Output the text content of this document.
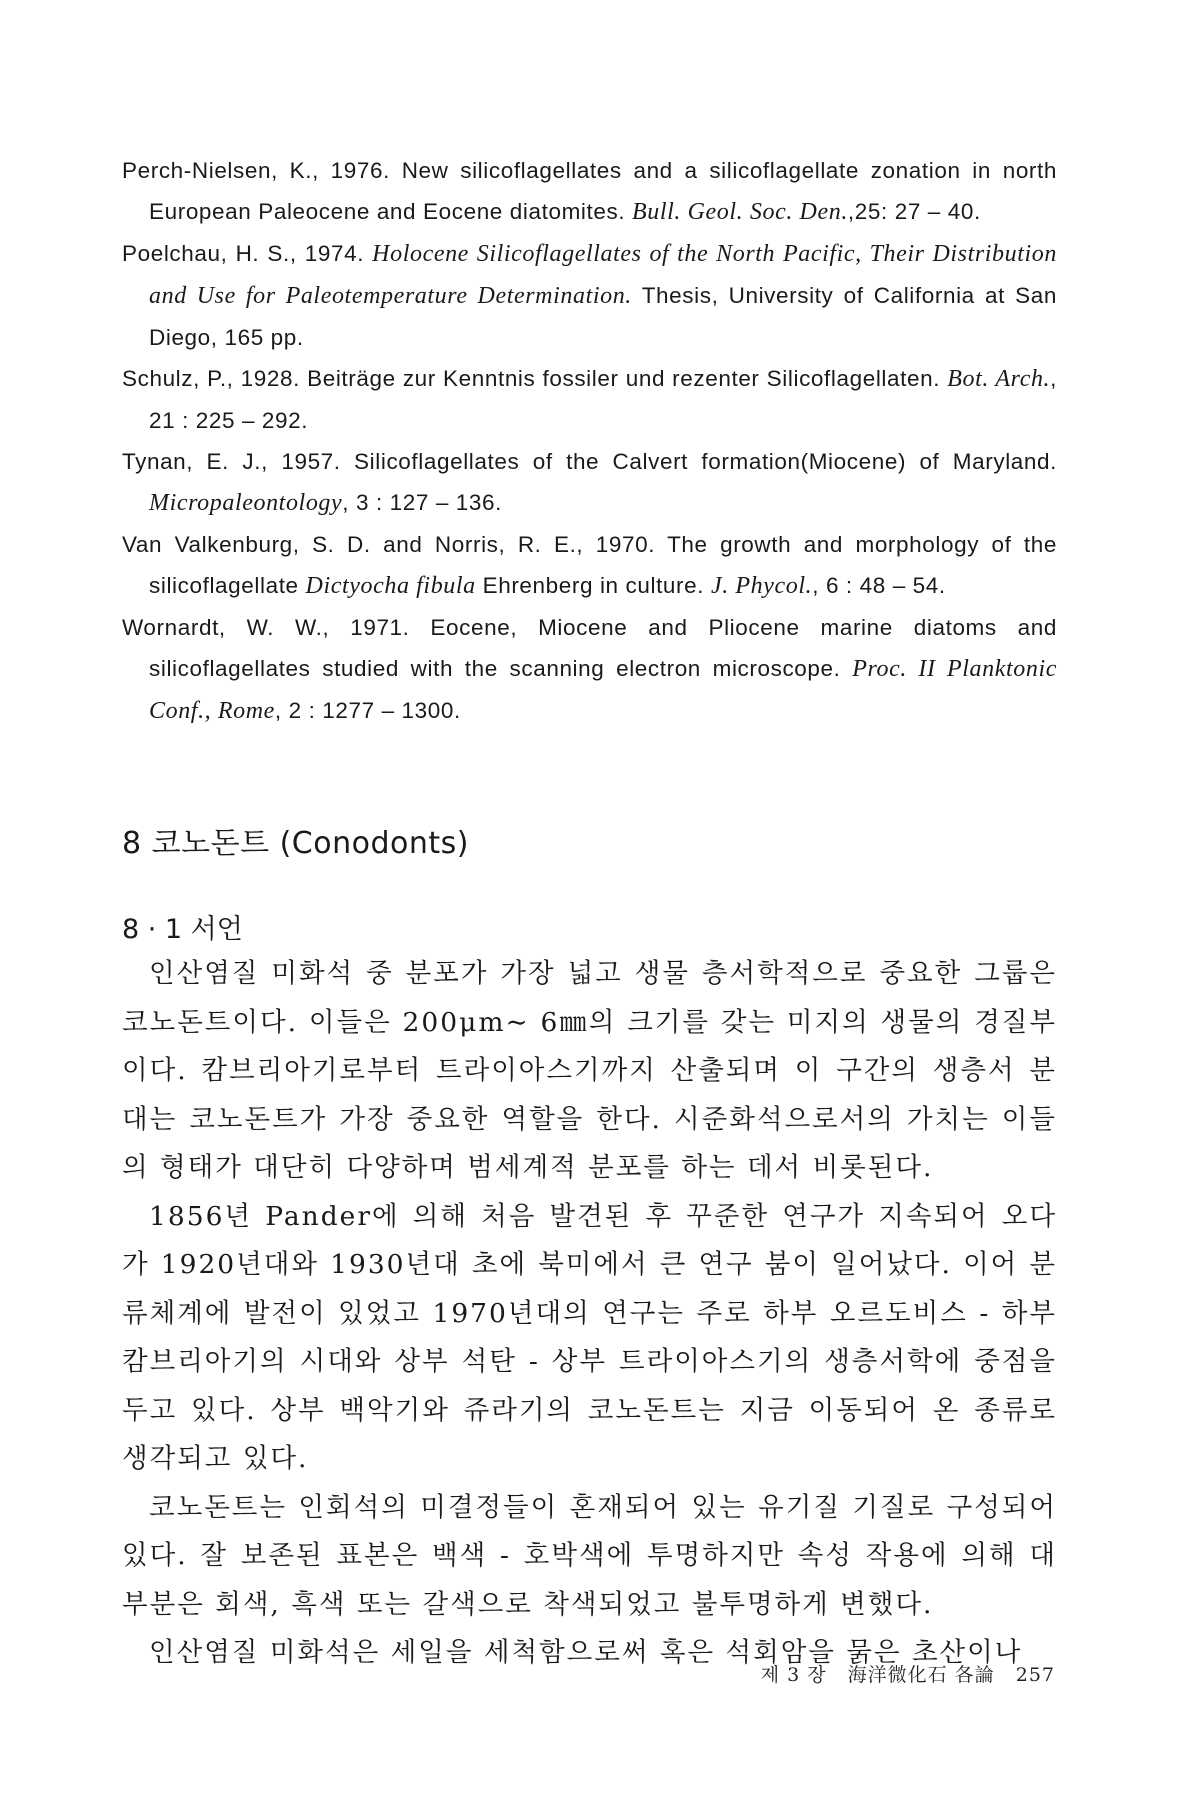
Perch-Nielsen, K., 1976. New silicoflagellates and a silicoflagellate zonation in north European Paleocene and Eocene diatomites. Bull. Geol. Soc. Den.,25: 27 – 40.
Poelchau, H. S., 1974. Holocene Silicoflagellates of the North Pacific, Their Distribution and Use for Paleotemperature Determination. Thesis, University of California at San Diego, 165 pp.
Schulz, P., 1928. Beiträge zur Kenntnis fossiler und rezenter Silicoflagellaten. Bot. Arch., 21 : 225 – 292.
Tynan, E. J., 1957. Silicoflagellates of the Calvert formation(Miocene) of Maryland. Micropaleontology, 3 : 127 – 136.
Van Valkenburg, S. D. and Norris, R. E., 1970. The growth and morphology of the silicoflagellate Dictyocha fibula Ehrenberg in culture. J. Phycol., 6 : 48 – 54.
Wornardt, W. W., 1971. Eocene, Miocene and Pliocene marine diatoms and silicoflagellates studied with the scanning electron microscope. Proc. II Planktonic Conf., Rome, 2 : 1277 – 1300.
8 코노돈트 (Conodonts)
8 · 1 서언

인산염질 미화석 중 분포가 가장 넓고 생물 층서학적으로 중요한 그룹은 코노돈트이다. 이들은 200μm∼ 6㎜의 크기를 갖는 미지의 생물의 경질부이다. 캄브리아기로부터 트라이아스기까지 산출되며 이 구간의 생층서 분대는 코노돈트가 가장 중요한 역할을 한다. 시준화석으로서의 가치는 이들의 형태가 대단히 다양하며 범세계적 분포를 하는 데서 비롯된다.

1856년 Pander에 의해 처음 발견된 후 꾸준한 연구가 지속되어 오다가 1920년대와 1930년대 초에 북미에서 큰 연구 붐이 일어났다. 이어 분류체계에 발전이 있었고 1970년대의 연구는 주로 하부 오르도비스 - 하부 캄브리아기의 시대와 상부 석탄 - 상부 트라이아스기의 생층서학에 중점을 두고 있다. 상부 백악기와 쥬라기의 코노돈트는 지금 이동되어 온 종류로 생각되고 있다.

코노돈트는 인회석의 미결정들이 혼재되어 있는 유기질 기질로 구성되어 있다. 잘 보존된 표본은 백색 - 호박색에 투명하지만 속성 작용에 의해 대부분은 회색, 흑색 또는 갈색으로 착색되었고 불투명하게 변했다.

인산염질 미화석은 세일을 세척함으로써 혹은 석회암을 묽은 초산이나

제 3 장 海洋微化石 各論 257
